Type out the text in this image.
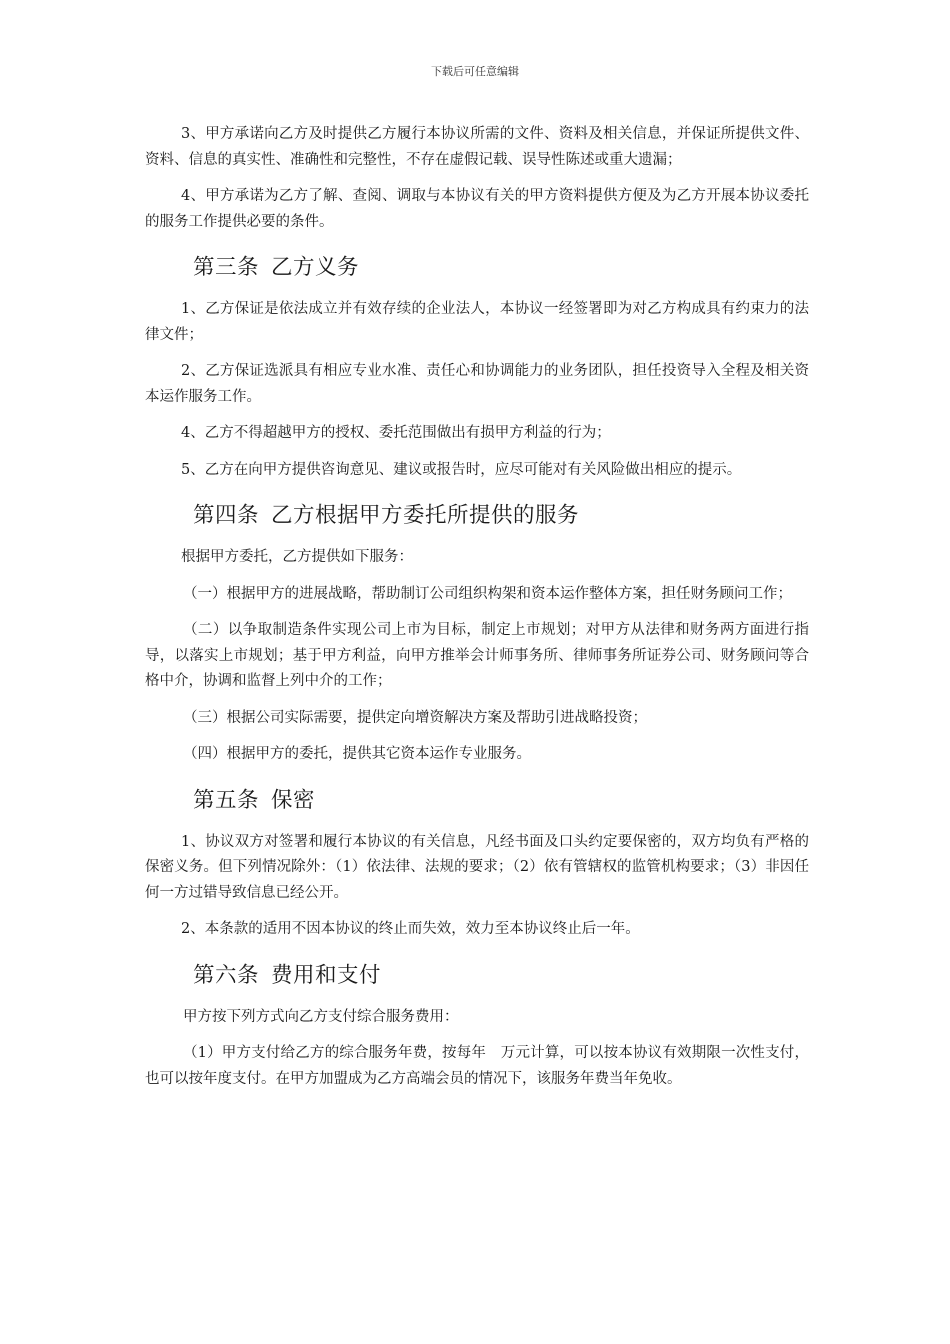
下载后可任意编辑

3、甲方承诺向乙方及时提供乙方履行本协议所需的文件、资料及相关信息，并保证所提供文件、资料、信息的真实性、准确性和完整性，不存在虚假记载、误导性陈述或重大遗漏；

4、甲方承诺为乙方了解、查阅、调取与本协议有关的甲方资料提供方便及为乙方开展本协议委托的服务工作提供必要的条件。

第三条 乙方义务

1、乙方保证是依法成立并有效存续的企业法人，本协议一经签署即为对乙方构成具有约束力的法律文件；

2、乙方保证选派具有相应专业水准、责任心和协调能力的业务团队，担任投资导入全程及相关资本运作服务工作。

4、乙方不得超越甲方的授权、委托范围做出有损甲方利益的行为；

5、乙方在向甲方提供咨询意见、建议或报告时，应尽可能对有关风险做出相应的提示。

第四条 乙方根据甲方委托所提供的服务

根据甲方委托，乙方提供如下服务：

（一）根据甲方的进展战略，帮助制订公司组织构架和资本运作整体方案，担任财务顾问工作；

（二）以争取制造条件实现公司上市为目标，制定上市规划；对甲方从法律和财务两方面进行指导，以落实上市规划；基于甲方利益，向甲方推举会计师事务所、律师事务所证券公司、财务顾问等合格中介，协调和监督上列中介的工作；

（三）根据公司实际需要，提供定向增资解决方案及帮助引进战略投资；

（四）根据甲方的委托，提供其它资本运作专业服务。

第五条 保密

1、协议双方对签署和履行本协议的有关信息，凡经书面及口头约定要保密的，双方均负有严格的保密义务。但下列情况除外：（1）依法律、法规的要求；（2）依有管辖权的监管机构要求；（3）非因任何一方过错导致信息已经公开。

2、本条款的适用不因本协议的终止而失效，效力至本协议终止后一年。

第六条 费用和支付

甲方按下列方式向乙方支付综合服务费用：

（1）甲方支付给乙方的综合服务年费，按每年　万元计算，可以按本协议有效期限一次性支付，也可以按年度支付。在甲方加盟成为乙方高端会员的情况下，该服务年费当年免收。
